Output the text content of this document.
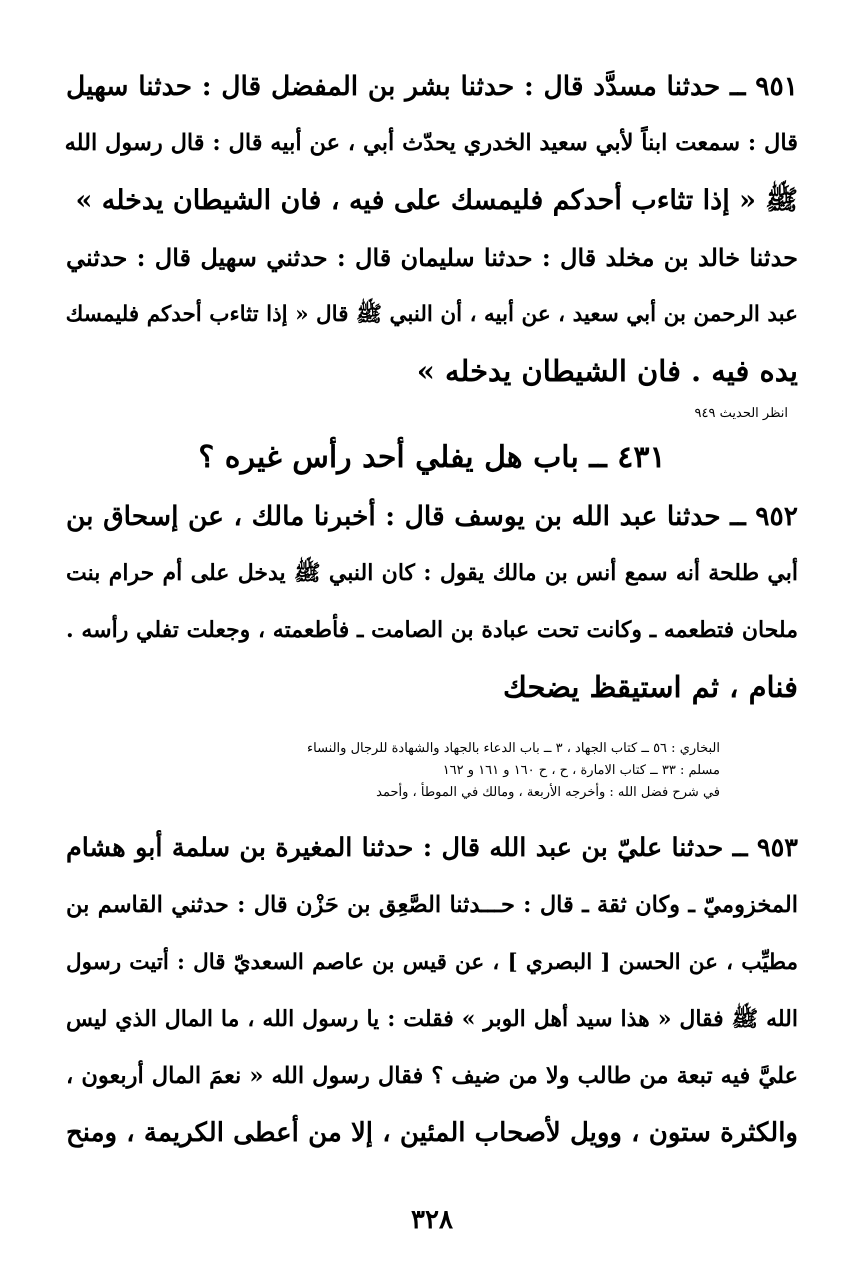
٩٥١ ــ حدثنا مسدَّد قال : حدثنا بشر بن المفضل قال : حدثنا سهيل
قال : سمعت ابناً لأبي سعيد الخدري يحدّث أبي ، عن أبيه قال : قال رسول الله
ﷺ « إذا تثاءب أحدكم فليمسك على فيه ، فان الشيطان يدخله »
حدثنا خالد بن مخلد قال : حدثنا سليمان قال : حدثني سهيل قال : حدثني
عبد الرحمن بن أبي سعيد ، عن أبيه ، أن النبي ﷺ قال « إذا تثاءب أحدكم فليمسك
يده فيه . فان الشيطان يدخله »
انظر الحديث ٩٤٩
٤٣١ ــ باب هل يفلي أحد رأس غيره ؟
٩٥٢ ــ حدثنا عبد الله بن يوسف قال : أخبرنا مالك ، عن إسحاق بن
أبي طلحة أنه سمع أنس بن مالك يقول : كان النبي ﷺ يدخل على أم حرام بنت
ملحان فتطعمه ـ وكانت تحت عبادة بن الصامت ـ فأطعمته ، وجعلت تفلي رأسه .
فنام ، ثم استيقظ يضحك
البخاري : ٥٦ ــ كتاب الجهاد ، ٣ ــ باب الدعاء بالجهاد والشهادة للرجال والنساء
مسلم : ٣٣ ــ كتاب الامارة ، ح ، ح ١٦٠ و ١٦١ و ١٦٢
في شرح فضل الله : وأخرجه الأربعة ، ومالك في الموطأ ، وأحمد
٩٥٣ ــ حدثنا عليّ بن عبد الله قال : حدثنا المغيرة بن سلمة أبو هشام
المخزوميّ ـ وكان ثقة ـ قال : حـــدثنا الصَّعِق بن حَزْن قال : حدثني القاسم بن
مطيِّب ، عن الحسن [ البصري ] ، عن قيس بن عاصم السعديّ قال : أتيت رسول
الله ﷺ فقال « هذا سيد أهل الوبر » فقلت : يا رسول الله ، ما المال الذي ليس
عليَّ فيه تبعة من طالب ولا من ضيف ؟ فقال رسول الله « نعمَ المال أربعون ،
والكثرة ستون ، وويل لأصحاب المئين ، إلا من أعطى الكريمة ، ومنح
٣٢٨
